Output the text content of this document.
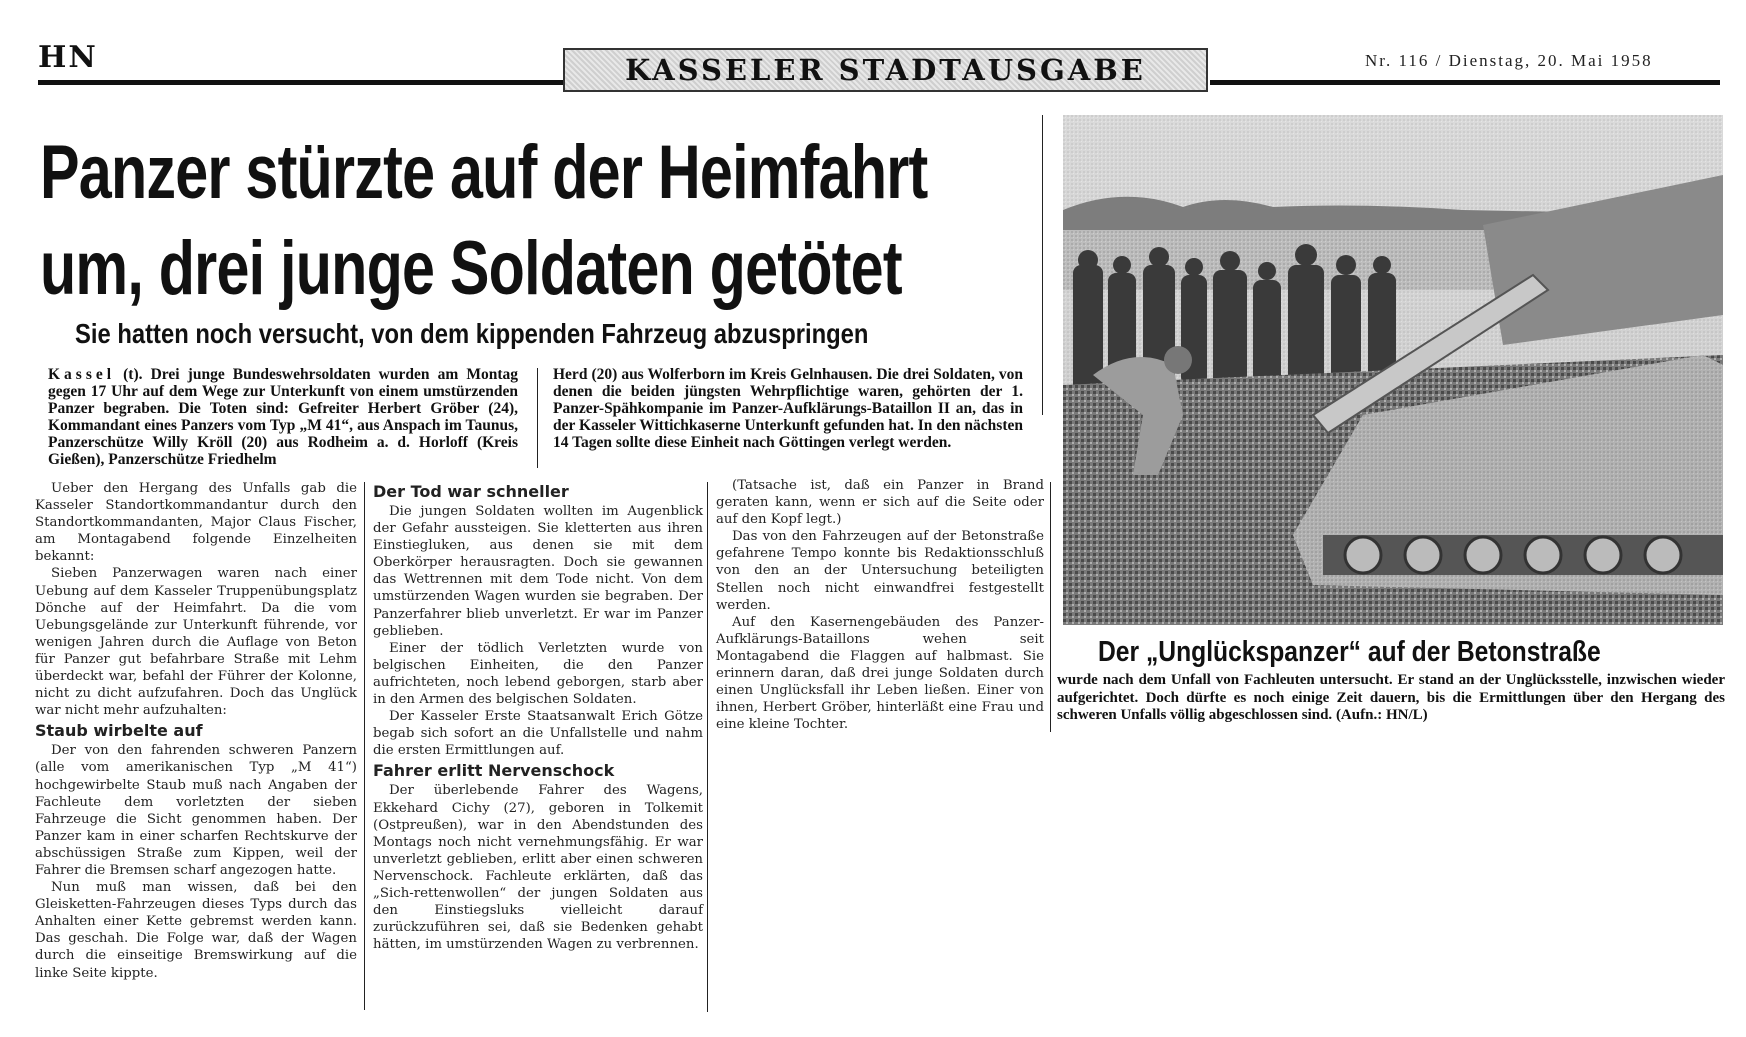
HN	KASSELER STADTAUSGABE	Nr. 116 / Dienstag, 20. Mai 1958
Panzer stürzte auf der Heimfahrt
um, drei junge Soldaten getötet
Sie hatten noch versucht, von dem kippenden Fahrzeug abzuspringen
Kassel (t). Drei junge Bundeswehrsoldaten wurden am Montag gegen 17 Uhr auf dem Wege zur Unterkunft von einem umstürzenden Panzer begraben. Die Toten sind: Gefreiter Herbert Gröber (24), Kommandant eines Panzers vom Typ „M 41“, aus Anspach im Taunus, Panzerschütze Willy Kröll (20) aus Rodheim a. d. Horloff (Kreis Gießen), Panzerschütze Friedhelm
Herd (20) aus Wolferborn im Kreis Gelnhausen. Die drei Soldaten, von denen die beiden jüngsten Wehrpflichtige waren, gehörten der 1. Panzer-Spähkompanie im Panzer-Aufklärungs-Bataillon II an, das in der Kasseler Wittichkaserne Unterkunft gefunden hat. In den nächsten 14 Tagen sollte diese Einheit nach Göttingen verlegt werden.

Ueber den Hergang des Unfalls gab die Kasseler Standortkommandantur durch den Standortkommandanten, Major Claus Fischer, am Montagabend folgende Einzelheiten bekannt:

Sieben Panzerwagen waren nach einer Uebung auf dem Kasseler Truppenübungsplatz Dönche auf der Heimfahrt. Da die vom Uebungsgelände zur Unterkunft führende, vor wenigen Jahren durch die Auflage von Beton für Panzer gut befahrbare Straße mit Lehm überdeckt war, befahl der Führer der Kolonne, nicht zu dicht aufzufahren. Doch das Unglück war nicht mehr aufzuhalten:

Staub wirbelte auf

Der von den fahrenden schweren Panzern (alle vom amerikanischen Typ „M 41“) hochgewirbelte Staub muß nach Angaben der Fachleute dem vorletzten der sieben Fahrzeuge die Sicht genommen haben. Der Panzer kam in einer scharfen Rechtskurve der abschüssigen Straße zum Kippen, weil der Fahrer die Bremsen scharf angezogen hatte.

Nun muß man wissen, daß bei den Gleisketten-Fahrzeugen dieses Typs durch das Anhalten einer Kette gebremst werden kann. Das geschah. Die Folge war, daß der Wagen durch die einseitige Bremswirkung auf die linke Seite kippte.

Der Tod war schneller

Die jungen Soldaten wollten im Augenblick der Gefahr aussteigen. Sie kletterten aus ihren Einstiegluken, aus denen sie mit dem Oberkörper herausragten. Doch sie gewannen das Wettrennen mit dem Tode nicht. Von dem umstürzenden Wagen wurden sie begraben. Der Panzerfahrer blieb unverletzt. Er war im Panzer geblieben.

Einer der tödlich Verletzten wurde von belgischen Einheiten, die den Panzer aufrichteten, noch lebend geborgen, starb aber in den Armen des belgischen Soldaten.

Der Kasseler Erste Staatsanwalt Erich Götze begab sich sofort an die Unfallstelle und nahm die ersten Ermittlungen auf.

Fahrer erlitt Nervenschock

Der überlebende Fahrer des Wagens, Ekkehard Cichy (27), geboren in Tolkemit (Ostpreußen), war in den Abendstunden des Montags noch nicht vernehmungsfähig. Er war unverletzt geblieben, erlitt aber einen schweren Nervenschock. Fachleute erklärten, daß das „Sich-rettenwollen“ der jungen Soldaten aus den Einstiegsluks vielleicht darauf zurückzuführen sei, daß sie Bedenken gehabt hätten, im umstürzenden Wagen zu verbrennen.

(Tatsache ist, daß ein Panzer in Brand geraten kann, wenn er sich auf die Seite oder auf den Kopf legt.)

Das von den Fahrzeugen auf der Betonstraße gefahrene Tempo konnte bis Redaktionsschluß von den an der Untersuchung beteiligten Stellen noch nicht einwandfrei festgestellt werden.

Auf den Kasernengebäuden des Panzer-Aufklärungs-Bataillons wehen seit Montagabend die Flaggen auf halbmast. Sie erinnern daran, daß drei junge Soldaten durch einen Unglücksfall ihr Leben ließen. Einer von ihnen, Herbert Gröber, hinterläßt eine Frau und eine kleine Tochter.

Der „Unglückspanzer“ auf der Betonstraße
wurde nach dem Unfall von Fachleuten untersucht. Er stand an der Unglücksstelle, inzwischen wieder aufgerichtet. Doch dürfte es noch einige Zeit dauern, bis die Ermittlungen über den Hergang des schweren Unfalls völlig abgeschlossen sind. (Aufn.: HN/L)
